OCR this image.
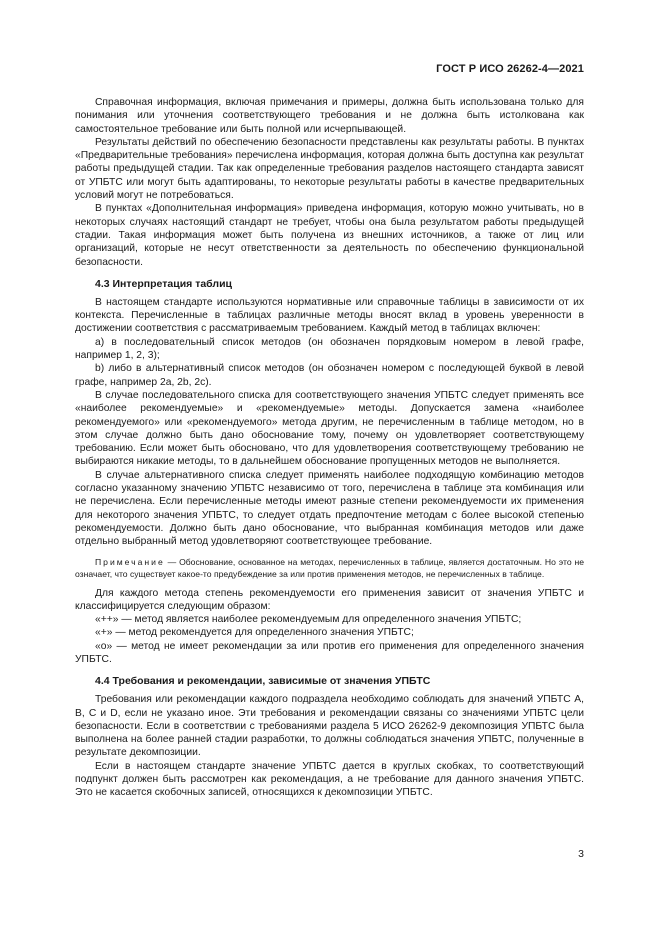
ГОСТ Р ИСО 26262-4—2021

Справочная информация, включая примечания и примеры, должна быть использована только для понимания или уточнения соответствующего требования и не должна быть истолкована как самостоятельное требование или быть полной или исчерпывающей.

Результаты действий по обеспечению безопасности представлены как результаты работы. В пунктах «Предварительные требования» перечислена информация, которая должна быть доступна как результат работы предыдущей стадии. Так как определенные требования разделов настоящего стандарта зависят от УПБТС или могут быть адаптированы, то некоторые результаты работы в качестве предварительных условий могут не потребоваться.

В пунктах «Дополнительная информация» приведена информация, которую можно учитывать, но в некоторых случаях настоящий стандарт не требует, чтобы она была результатом работы предыдущей стадии. Такая информация может быть получена из внешних источников, а также от лиц или организаций, которые не несут ответственности за деятельность по обеспечению функциональной безопасности.

4.3 Интерпретация таблиц

В настоящем стандарте используются нормативные или справочные таблицы в зависимости от их контекста. Перечисленные в таблицах различные методы вносят вклад в уровень уверенности в достижении соответствия с рассматриваемым требованием. Каждый метод в таблицах включен:

a) в последовательный список методов (он обозначен порядковым номером в левой графе, например 1, 2, 3);

b) либо в альтернативный список методов (он обозначен номером с последующей буквой в левой графе, например 2a, 2b, 2c).

В случае последовательного списка для соответствующего значения УПБТС следует применять все «наиболее рекомендуемые» и «рекомендуемые» методы. Допускается замена «наиболее рекомендуемого» или «рекомендуемого» метода другим, не перечисленным в таблице методом, но в этом случае должно быть дано обоснование тому, почему он удовлетворяет соответствующему требованию. Если может быть обосновано, что для удовлетворения соответствующему требованию не выбираются никакие методы, то в дальнейшем обоснование пропущенных методов не выполняется.

В случае альтернативного списка следует применять наиболее подходящую комбинацию методов согласно указанному значению УПБТС независимо от того, перечислена в таблице эта комбинация или не перечислена. Если перечисленные методы имеют разные степени рекомендуемости их применения для некоторого значения УПБТС, то следует отдать предпочтение методам с более высокой степенью рекомендуемости. Должно быть дано обоснование, что выбранная комбинация методов или даже отдельно выбранный метод удовлетворяют соответствующее требование.

Примечание — Обоснование, основанное на методах, перечисленных в таблице, является достаточным. Но это не означает, что существует какое-то предубеждение за или против применения методов, не перечисленных в таблице.

Для каждого метода степень рекомендуемости его применения зависит от значения УПБТС и классифицируется следующим образом:

«++» — метод является наиболее рекомендуемым для определенного значения УПБТС;

«+» — метод рекомендуется для определенного значения УПБТС;

«о» — метод не имеет рекомендации за или против его применения для определенного значения УПБТС.

4.4 Требования и рекомендации, зависимые от значения УПБТС

Требования или рекомендации каждого подраздела необходимо соблюдать для значений УПБТС A, B, C и D, если не указано иное. Эти требования и рекомендации связаны со значениями УПБТС цели безопасности. Если в соответствии с требованиями раздела 5 ИСО 26262-9 декомпозиция УПБТС была выполнена на более ранней стадии разработки, то должны соблюдаться значения УПБТС, полученные в результате декомпозиции.

Если в настоящем стандарте значение УПБТС дается в круглых скобках, то соответствующий подпункт должен быть рассмотрен как рекомендация, а не требование для данного значения УПБТС. Это не касается скобочных записей, относящихся к декомпозиции УПБТС.

3
